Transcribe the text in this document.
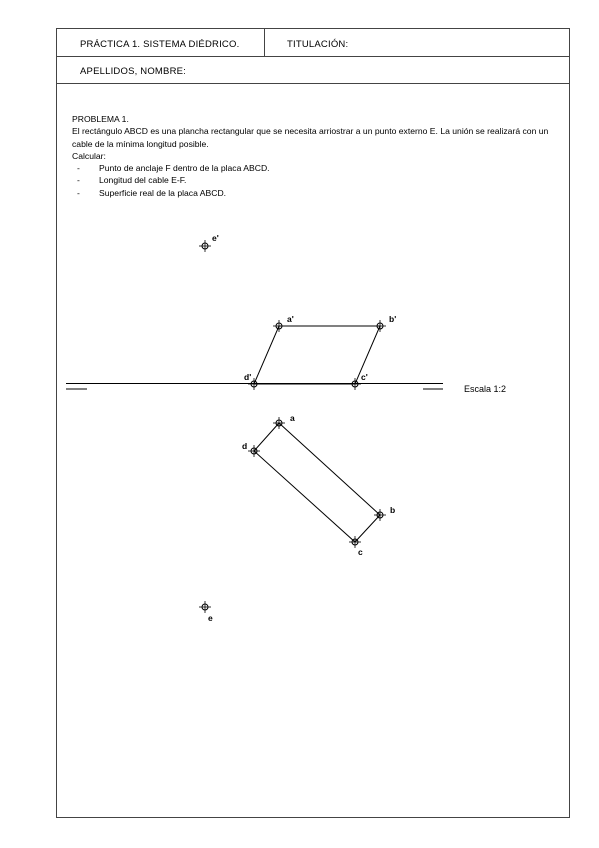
PRÁCTICA 1. SISTEMA DIÉDRICO.	TITULACIÓN:
APELLIDOS, NOMBRE:

PROBLEMA 1.

El rectángulo ABCD es una plancha rectangular que se necesita arriostrar a un punto externo E. La unión se realizará con un cable de la mínima longitud posible.

Calcular:

- Punto de anclaje F dentro de la placa ABCD.

- Longitud del cable E-F.

- Superficie real de la placa ABCD.

e'
a'	b'
c'
d'
a
b
c
d
e
Escala 1:2
